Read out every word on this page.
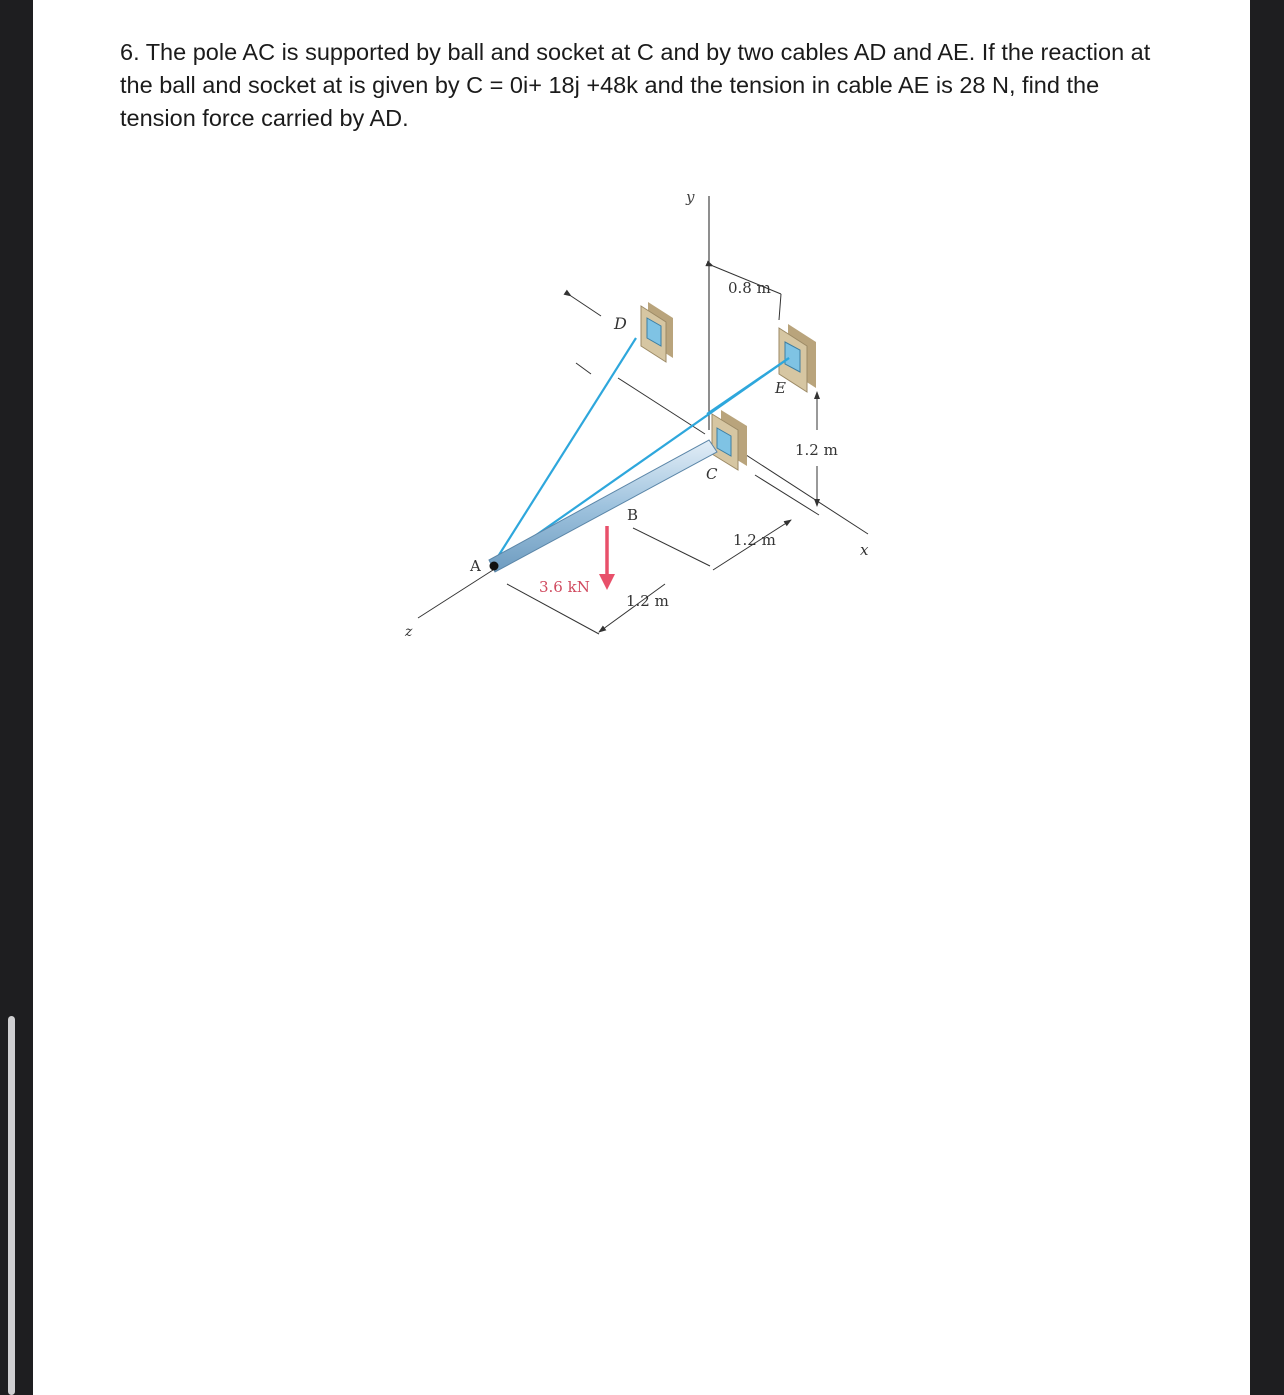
6. The pole AC is supported by ball and socket at C and by two cables AD and AE. If the reaction at the ball and socket at is given by C = 0i+ 18j +48k and the tension in cable AE is 28 N, find the tension force carried by AD.

y
D
E
C
B
A
x
z
0.8 m
1.2 m
1.2 m
1.2 m
3.6 kN
